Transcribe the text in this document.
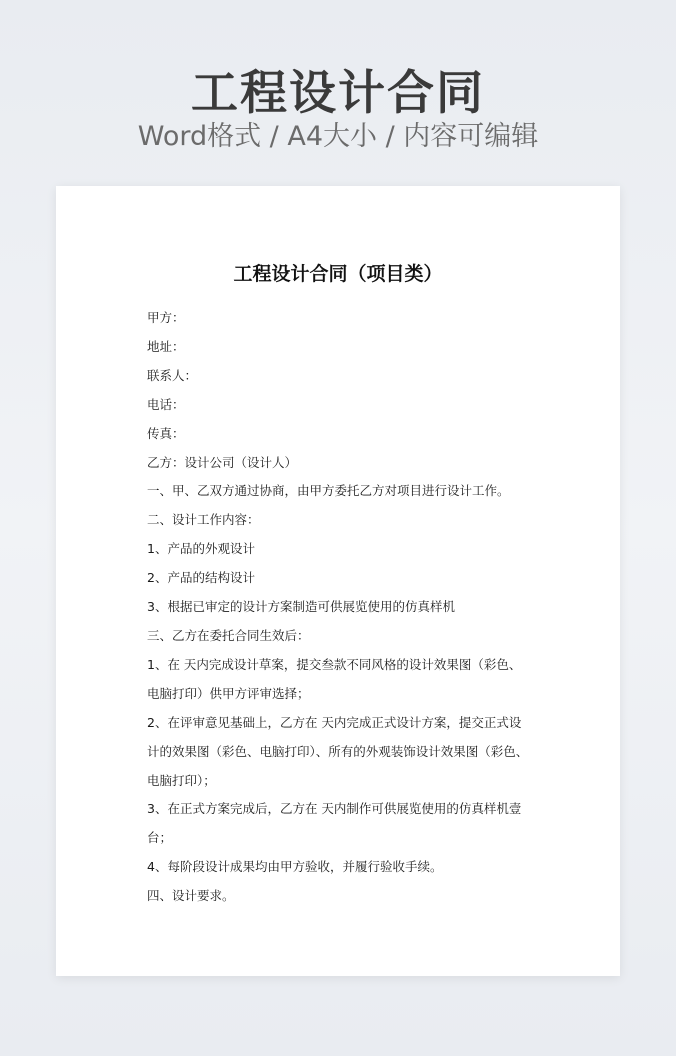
工程设计合同
Word格式 / A4大小 / 内容可编辑
工程设计合同（项目类）
甲方：
地址：
联系人：
电话：
传真：
乙方：设计公司（设计人）
一、甲、乙双方通过协商，由甲方委托乙方对项目进行设计工作。
二、设计工作内容：
1、产品的外观设计
2、产品的结构设计
3、根据已审定的设计方案制造可供展览使用的仿真样机
三、乙方在委托合同生效后：
1、在 天内完成设计草案，提交叁款不同风格的设计效果图（彩色、
电脑打印）供甲方评审选择；
2、在评审意见基础上，乙方在 天内完成正式设计方案，提交正式设
计的效果图（彩色、电脑打印）、所有的外观装饰设计效果图（彩色、
电脑打印）；
3、在正式方案完成后，乙方在 天内制作可供展览使用的仿真样机壹
台；
4、每阶段设计成果均由甲方验收，并履行验收手续。
四、设计要求。
